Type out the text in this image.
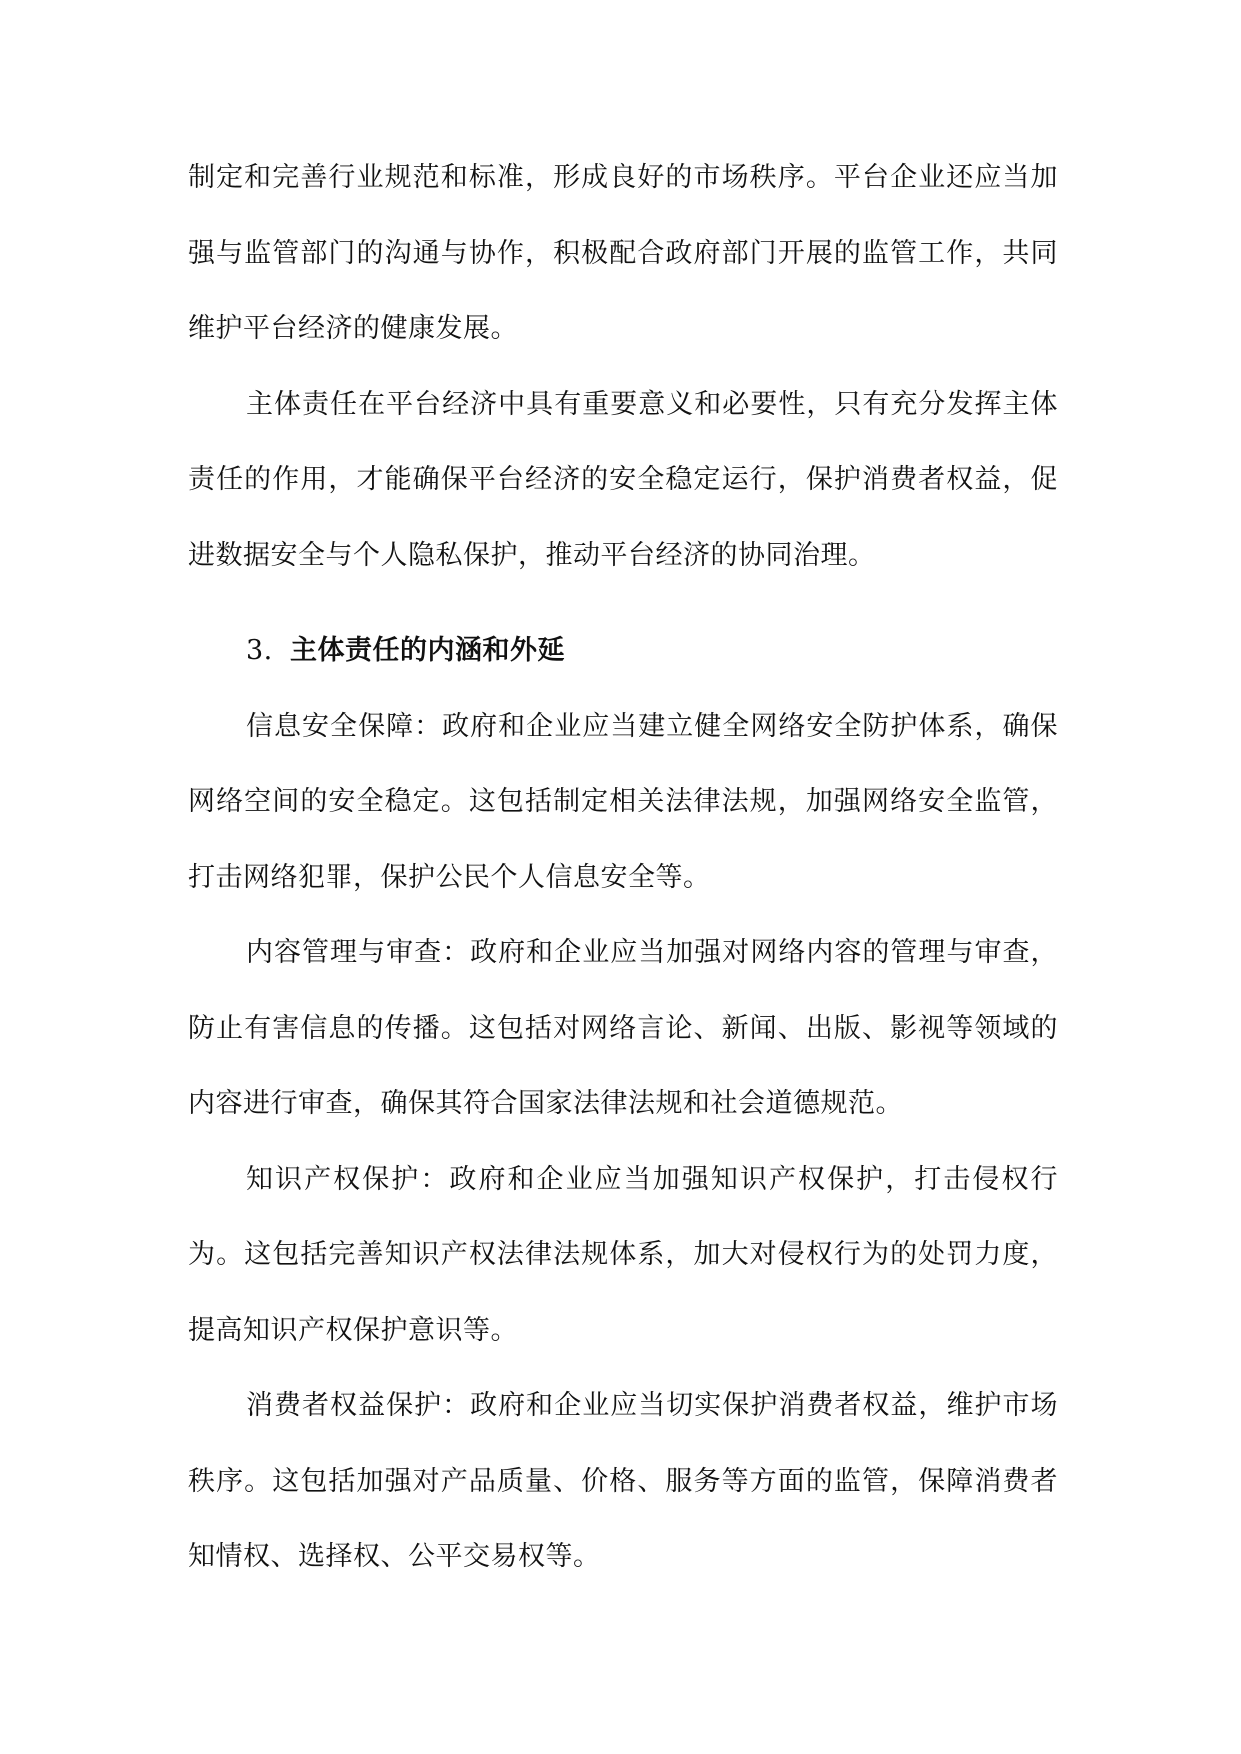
制定和完善行业规范和标准，形成良好的市场秩序。平台企业还应当加强与监管部门的沟通与协作，积极配合政府部门开展的监管工作，共同维护平台经济的健康发展。

主体责任在平台经济中具有重要意义和必要性，只有充分发挥主体责任的作用，才能确保平台经济的安全稳定运行，保护消费者权益，促进数据安全与个人隐私保护，推动平台经济的协同治理。

3. 主体责任的内涵和外延

信息安全保障：政府和企业应当建立健全网络安全防护体系，确保网络空间的安全稳定。这包括制定相关法律法规，加强网络安全监管，打击网络犯罪，保护公民个人信息安全等。

内容管理与审查：政府和企业应当加强对网络内容的管理与审查，防止有害信息的传播。这包括对网络言论、新闻、出版、影视等领域的内容进行审查，确保其符合国家法律法规和社会道德规范。

知识产权保护：政府和企业应当加强知识产权保护，打击侵权行为。这包括完善知识产权法律法规体系，加大对侵权行为的处罚力度，提高知识产权保护意识等。

消费者权益保护：政府和企业应当切实保护消费者权益，维护市场秩序。这包括加强对产品质量、价格、服务等方面的监管，保障消费者知情权、选择权、公平交易权等。
